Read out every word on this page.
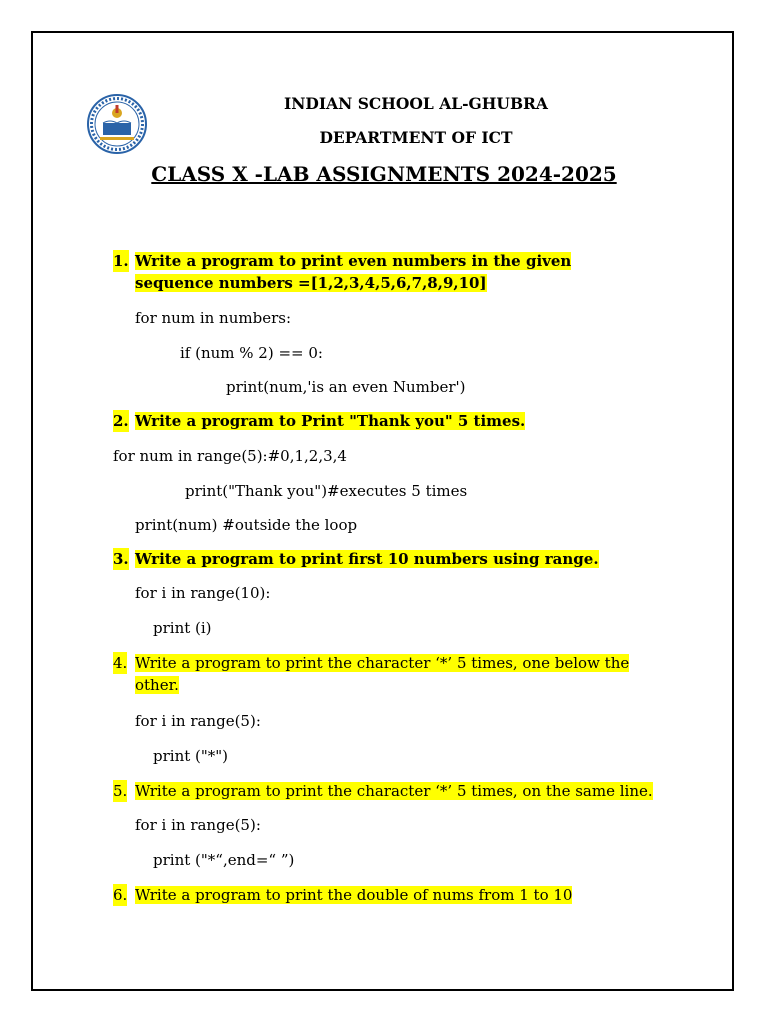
INDIAN SCHOOL AL-GHUBRA
DEPARTMENT OF ICT
CLASS X -LAB ASSIGNMENTS 2024-2025
1. Write a program to print even numbers in the given sequence numbers =[1,2,3,4,5,6,7,8,9,10]
for num in numbers:
if (num % 2) == 0:
print(num,'is an even Number')
2. Write a program to Print "Thank you" 5 times.
for num in range(5):#0,1,2,3,4
print("Thank you")#executes 5 times
print(num) #outside the loop
3. Write a program to print first 10 numbers using range.
for i in range(10):
print (i)
4. Write a program to print the character ‘*’ 5 times, one below the other.
for i in range(5):
print ("*")
5. Write a program to print the character ‘*’ 5 times, on the same line.
for i in range(5):
print ("*“,end=“ ”)
6. Write a program to print the double of nums from 1 to 10
